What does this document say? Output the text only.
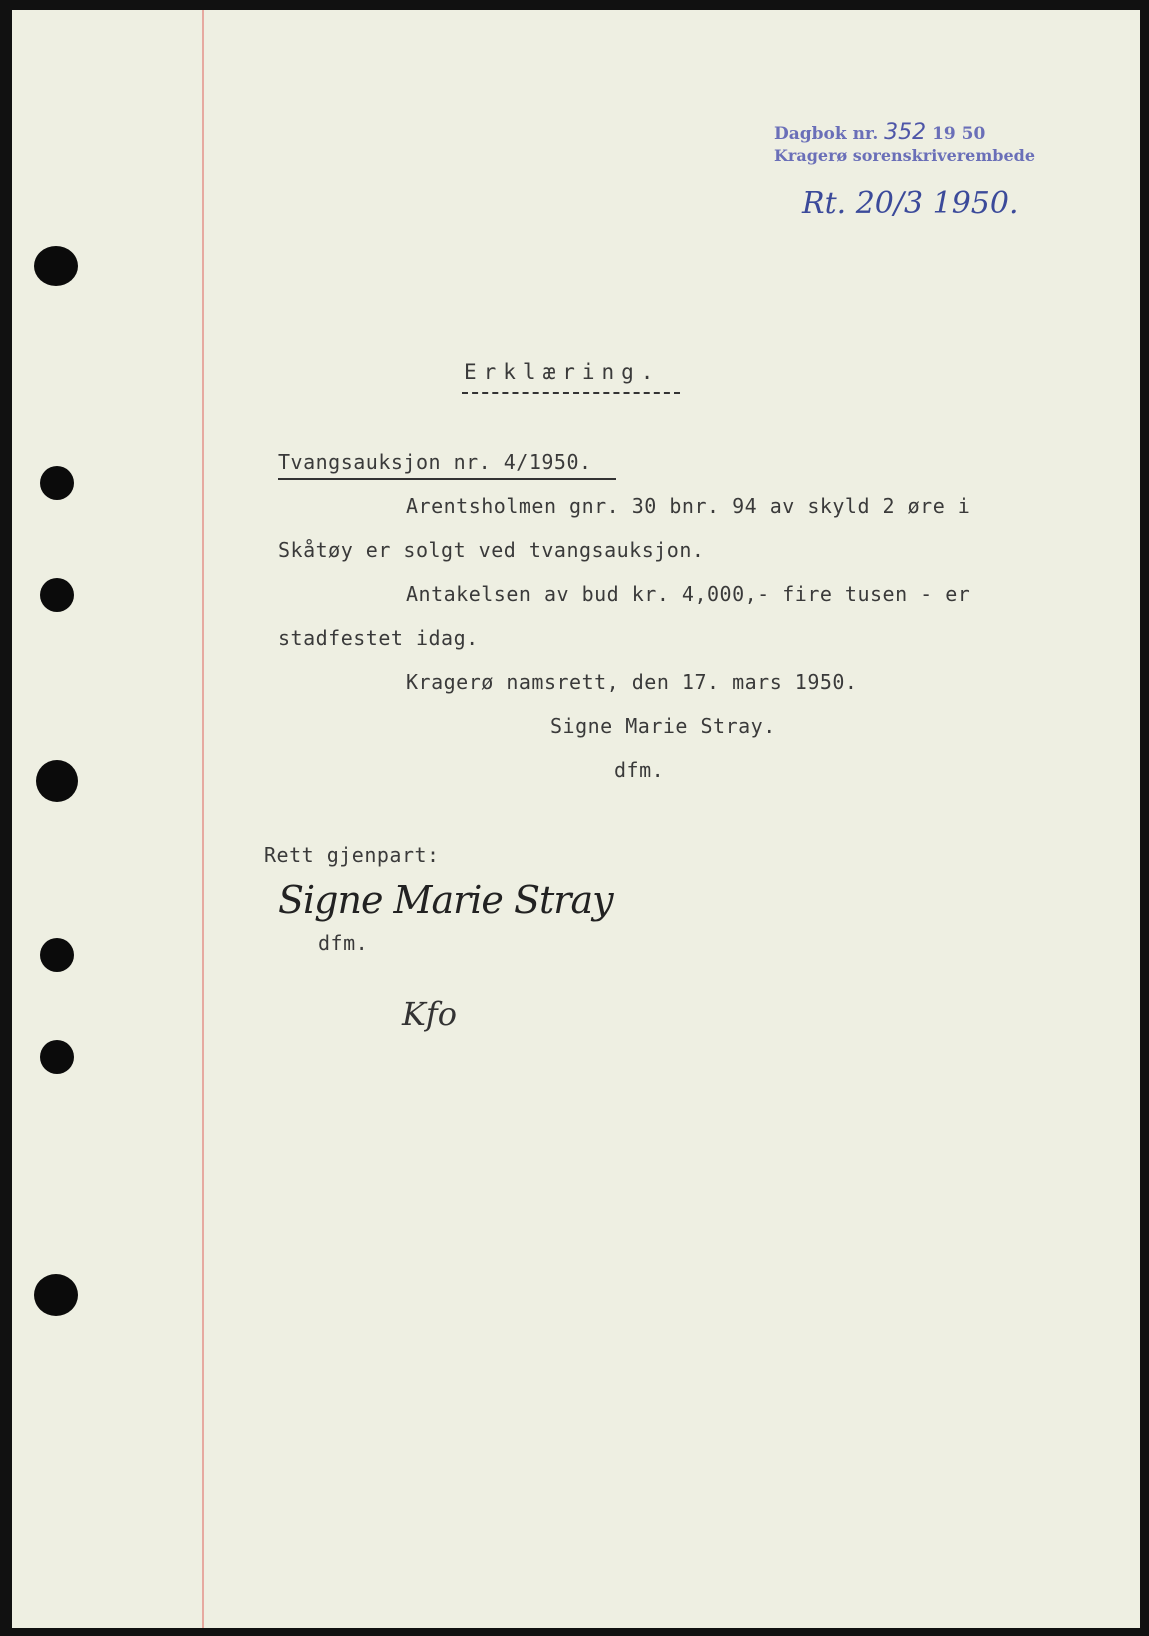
Dagbok nr. 352 19 50
Kragerø sorenskriverembede
Rt. 20/3 1950.
Erklæring.
Tvangsauksjon nr. 4/1950.
Arentsholmen gnr. 30 bnr. 94 av skyld 2 øre i
Skåtøy er solgt ved tvangsauksjon.
Antakelsen av bud kr. 4,000,- fire tusen - er
stadfestet idag.
Kragerø namsrett, den 17. mars 1950.
Signe Marie Stray.
dfm.
Rett gjenpart:
Signe Marie Stray
dfm.
Kfo
